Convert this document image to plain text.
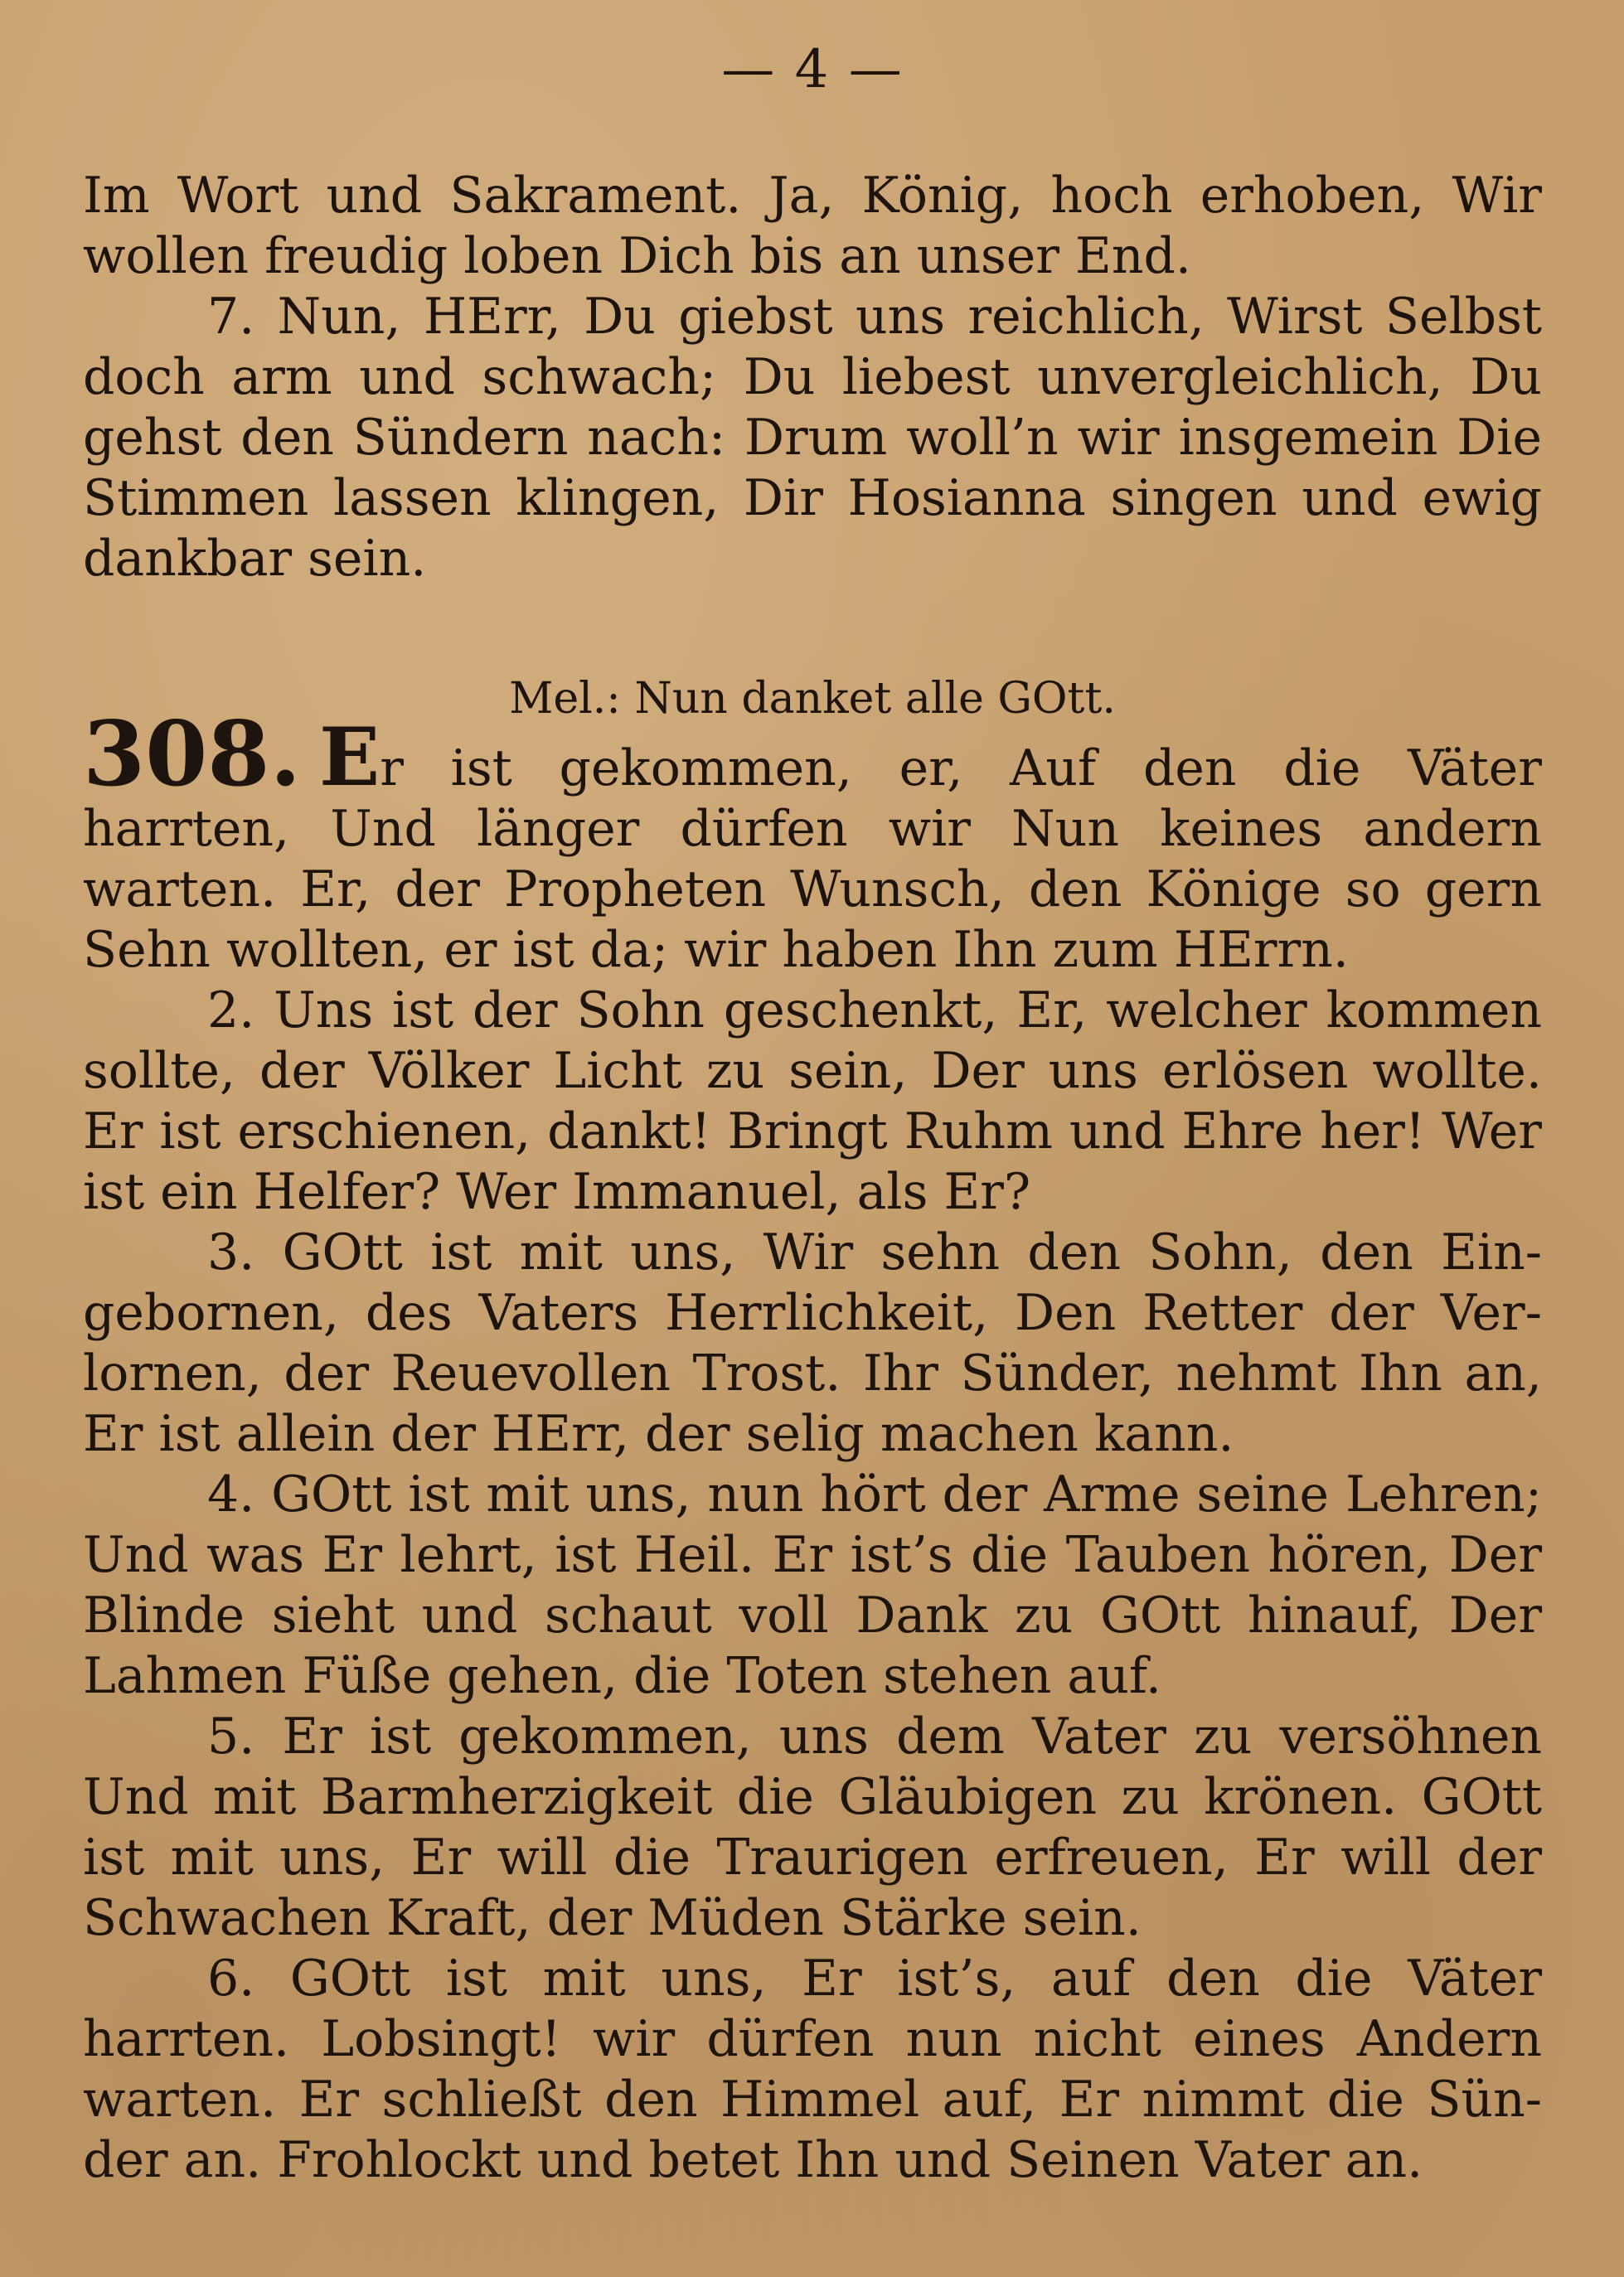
— 4 —

Im Wort und Sakrament. Ja, König, hoch erhoben, Wir wollen freudig loben Dich bis an unser End.

7. Nun, HErr, Du giebst uns reichlich, Wirst Selbst doch arm und schwach; Du liebest unvergleichlich, Du gehst den Sündern nach: Drum woll’n wir insgemein Die Stimmen lassen klingen, Dir Hosianna singen und ewig dankbar sein.

Mel.: Nun danket alle GOtt.

308. Er ist gekommen, er, Auf den die Väter harrten, Und länger dürfen wir Nun keines andern warten. Er, der Propheten Wunsch, den Könige so gern Sehn wollten, er ist da; wir haben Ihn zum HErrn.

2. Uns ist der Sohn geschenkt, Er, welcher kommen sollte, der Völker Licht zu sein, Der uns erlösen wollte. Er ist erschienen, dankt! Bringt Ruhm und Ehre her! Wer ist ein Helfer? Wer Immanuel, als Er?

3. GOtt ist mit uns, Wir sehn den Sohn, den Ein-gebornen, des Vaters Herrlichkeit, Den Retter der Ver-lornen, der Reuevollen Trost. Ihr Sünder, nehmt Ihn an, Er ist allein der HErr, der selig machen kann.

4. GOtt ist mit uns, nun hört der Arme seine Lehren; Und was Er lehrt, ist Heil. Er ist’s die Tauben hören, Der Blinde sieht und schaut voll Dank zu GOtt hinauf, Der Lahmen Füße gehen, die Toten stehen auf.

5. Er ist gekommen, uns dem Vater zu versöhnen Und mit Barmherzigkeit die Gläubigen zu krönen. GOtt ist mit uns, Er will die Traurigen erfreuen, Er will der Schwachen Kraft, der Müden Stärke sein.

6. GOtt ist mit uns, Er ist’s, auf den die Väter harrten. Lobsingt! wir dürfen nun nicht eines Andern warten. Er schließt den Himmel auf, Er nimmt die Sün-der an. Frohlockt und betet Ihn und Seinen Vater an.
